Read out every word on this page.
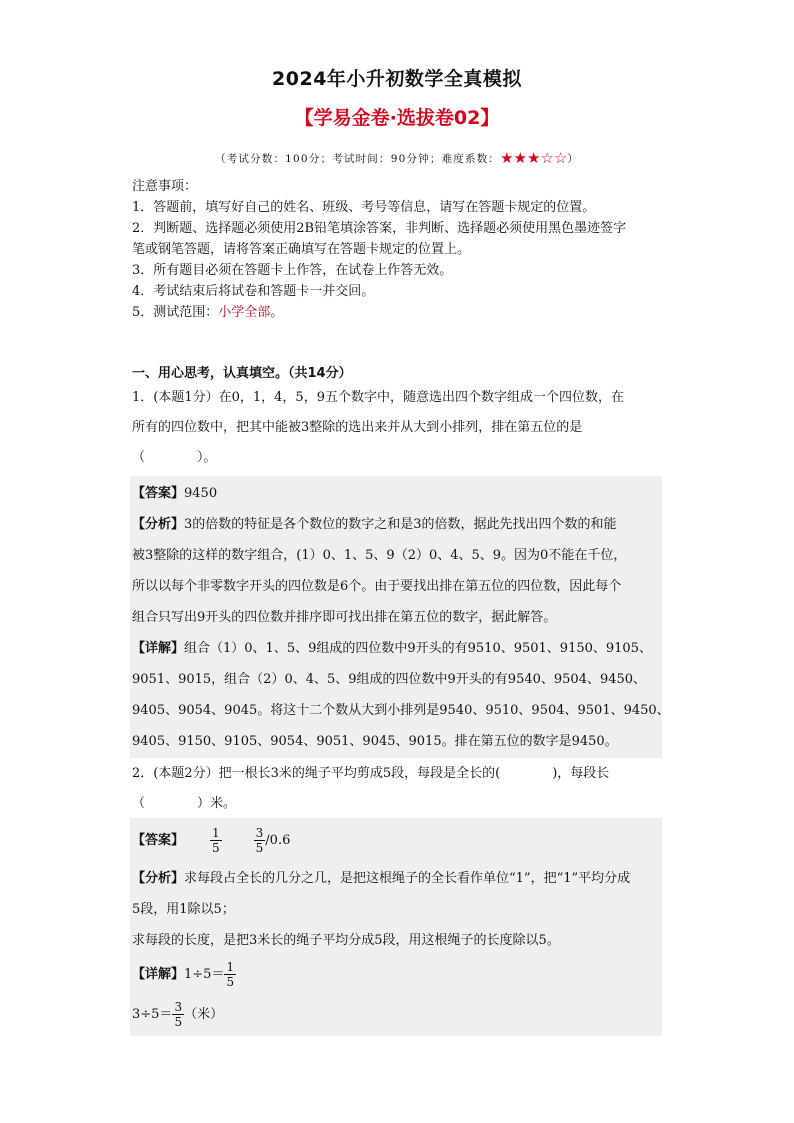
2024年小升初数学全真模拟
【学易金卷·选拔卷02】
（考试分数：100分；考试时间：90分钟；难度系数：★★★☆☆）
注意事项：
1．答题前，填写好自己的姓名、班级、考号等信息，请写在答题卡规定的位置。
2．判断题、选择题必须使用2B铅笔填涂答案，非判断、选择题必须使用黑色墨迹签字
笔或钢笔答题，请将答案正确填写在答题卡规定的位置上。
3．所有题目必须在答题卡上作答，在试卷上作答无效。
4．考试结束后将试卷和答题卡一并交回。
5．测试范围：小学全部。
一、用心思考，认真填空。（共14分）
1．(本题1分）在0，1，4，5，9五个数字中，随意选出四个数字组成一个四位数，在
所有的四位数中，把其中能被3整除的选出来并从大到小排列，排在第五位的是
（　　　　）。
【答案】9450
【分析】3的倍数的特征是各个数位的数字之和是3的倍数，据此先找出四个数的和能
被3整除的这样的数字组合，(1）0、1、5、9（2）0、4、5、9。因为0不能在千位，
所以以每个非零数字开头的四位数是6个。由于要找出排在第五位的四位数，因此每个
组合只写出9开头的四位数并排序即可找出排在第五位的数字，据此解答。
【详解】组合（1）0、1、5、9组成的四位数中9开头的有9510、9501、9150、9105、
9051、9015，组合（2）0、4、5、9组成的四位数中9开头的有9540、9504、9450、
9405、9054、9045。将这十二个数从大到小排列是9540、9510、9504、9501、9450、
9405、9150、9105、9054、9051、9045、9015。排在第五位的数字是9450。
2．(本题2分）把一根长3米的绳子平均剪成5段，每段是全长的(　　　　)，每段长
（　　　　）米。
【答案】 $\frac{1}{5}$	$\frac{3}{5} /0.6$
【分析】求每段占全长的几分之几，是把这根绳子的全长看作单位“1”，把“1”平均分成
5段，用1除以5；
求每段的长度，是把3米长的绳子平均分成5段，用这根绳子的长度除以5。
【详解】$1\div 5= \frac{1}{5}$
$3\div 5= \frac{3}{5}$ （米）
